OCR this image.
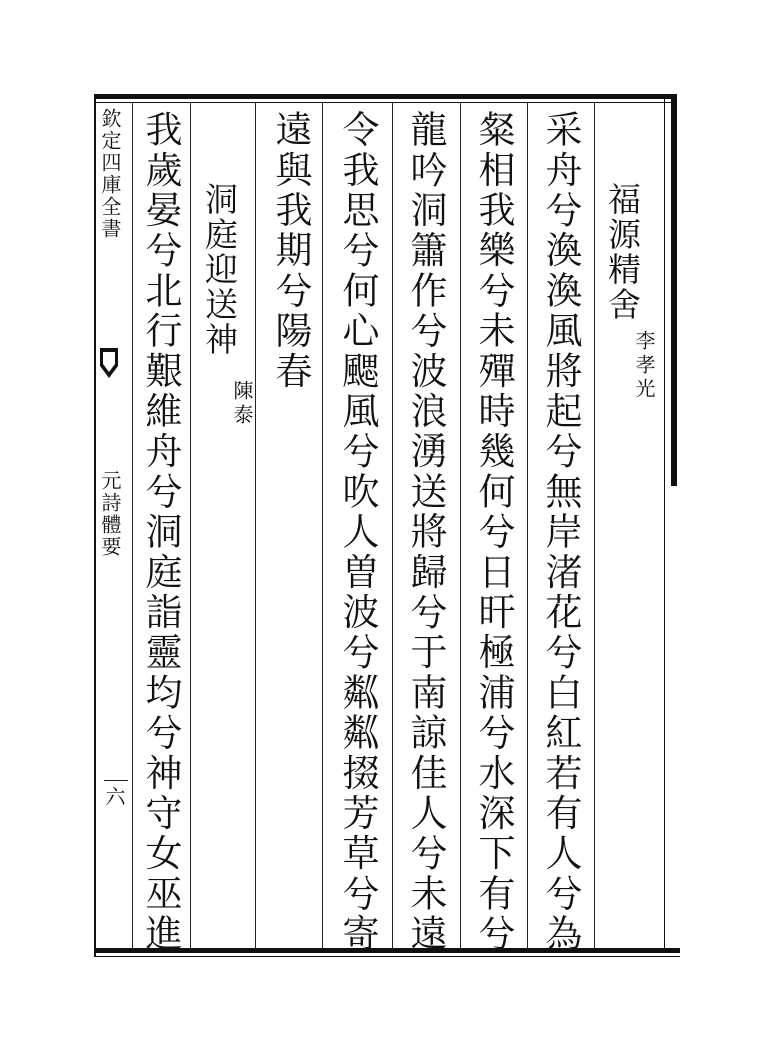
欽定四庫全書
元詩體要
六
福源精舍
李孝光
采舟兮渙渙風將起兮無岸渚花兮白紅若有人兮為
粲相我樂兮未殫時幾何兮日旰極浦兮水深下有兮
龍吟洞簫作兮波浪湧送將歸兮于南諒佳人兮未遠
令我思兮何心颸風兮吹人曽波兮粼粼掇芳草兮寄
遠與我期兮陽春
洞庭迎送神
陳泰
我歲晏兮北行艱維舟兮洞庭詣靈均兮神守女巫進
